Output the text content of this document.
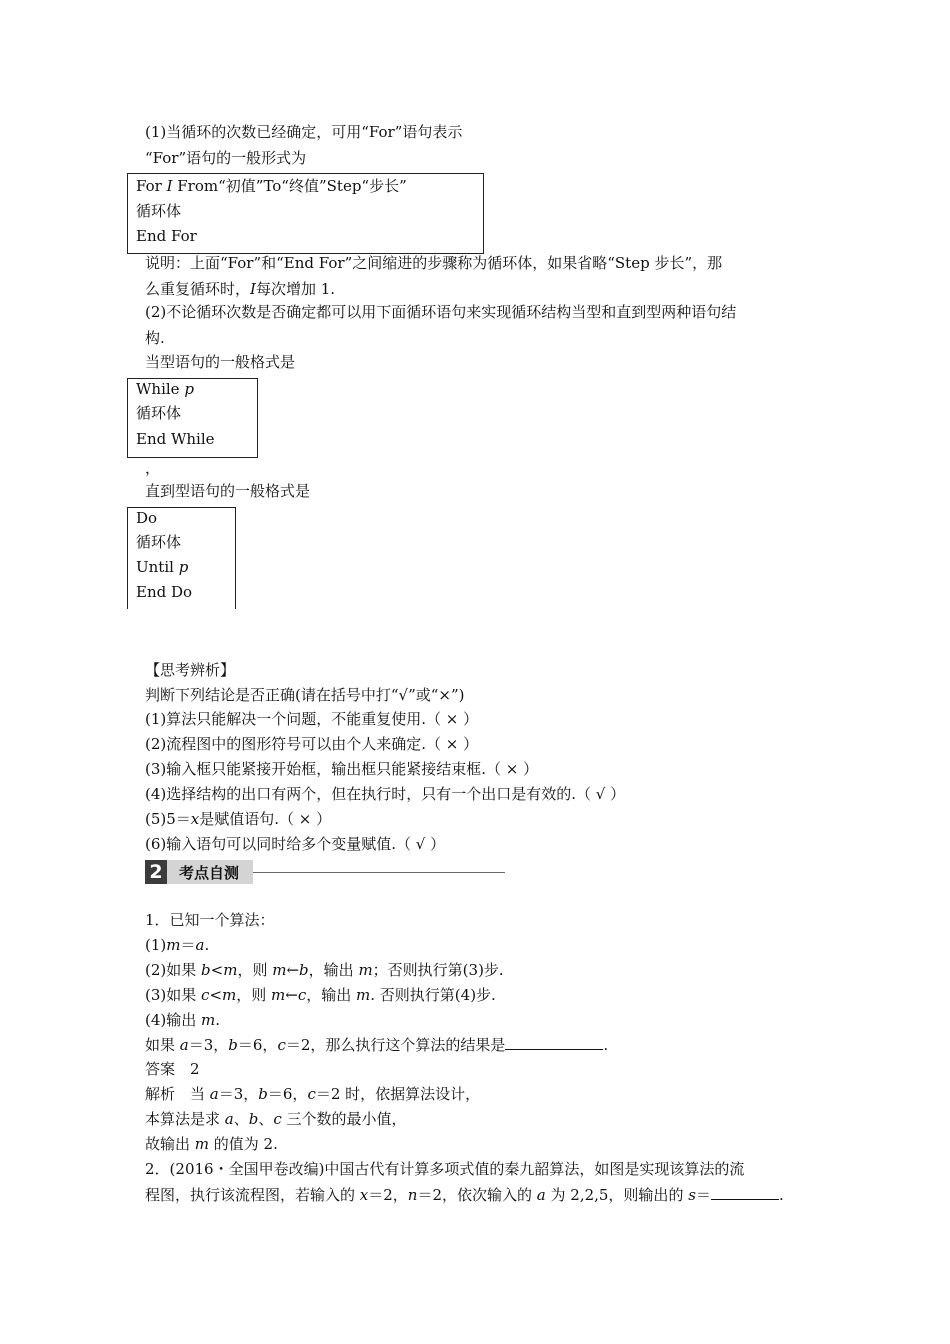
(1)当循环的次数已经确定，可用“For”语句表示
“For”语句的一般形式为
For I From“初值”To“终值”Step“步长”
循环体
End For
说明：上面“For”和“End For”之间缩进的步骤称为循环体，如果省略“Step 步长”，那
么重复循环时，I每次增加 1.
(2)不论循环次数是否确定都可以用下面循环语句来实现循环结构当型和直到型两种语句结
构.
当型语句的一般格式是
While p
循环体
End While
，
直到型语句的一般格式是
Do
循环体
Until p
End Do
【思考辨析】
判断下列结论是否正确(请在括号中打“√”或“×”)
(1)算法只能解决一个问题，不能重复使用.（ × ）
(2)流程图中的图形符号可以由个人来确定.（ × ）
(3)输入框只能紧接开始框，输出框只能紧接结束框.（ × ）
(4)选择结构的出口有两个，但在执行时，只有一个出口是有效的.（ √ ）
(5)5＝x是赋值语句.（ × ）
(6)输入语句可以同时给多个变量赋值.（ √ ）
2	考点自测
1．已知一个算法：
(1)m＝a.
(2)如果 b<m，则 m←b，输出 m；否则执行第(3)步.
(3)如果 c<m，则 m←c，输出 m. 否则执行第(4)步.
(4)输出 m.
如果 a＝3，b＝6，c＝2，那么执行这个算法的结果是	.
答案　2
解析　当 a＝3，b＝6，c＝2 时，依据算法设计，
本算法是求 a、b、c 三个数的最小值，
故输出 m 的值为 2.
2．(2016・全国甲卷改编)中国古代有计算多项式值的秦九韶算法，如图是实现该算法的流
程图，执行该流程图，若输入的 x＝2，n＝2，依次输入的 a 为 2,2,5，则输出的 s＝	.
